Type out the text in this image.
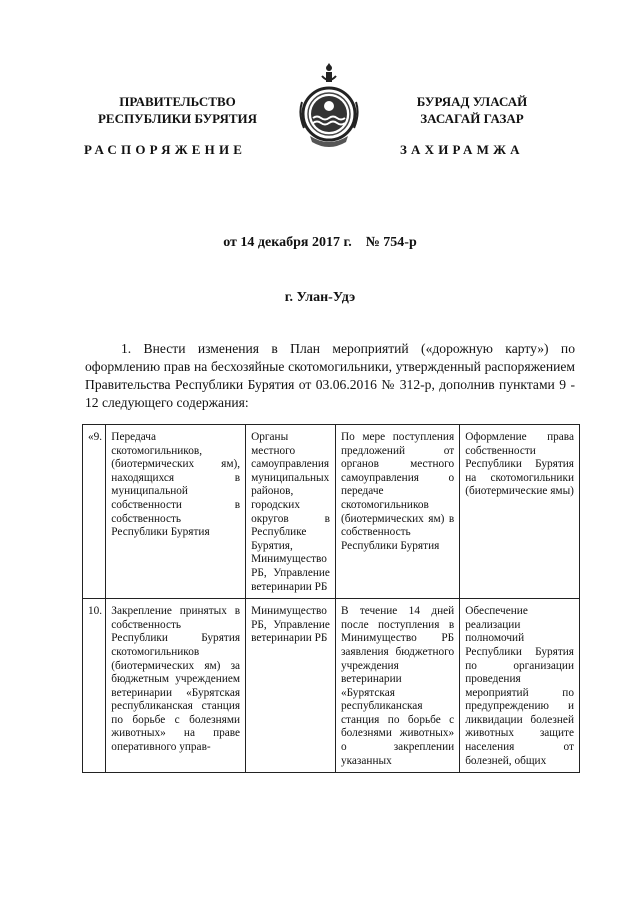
ПРАВИТЕЛЬСТВО
РЕСПУБЛИКИ БУРЯТИЯ
БУРЯАД УЛАСАЙ
ЗАСАГАЙ ГАЗАР
РАСПОРЯЖЕНИЕ	ЗАХИРАМЖА
от 14 декабря 2017 г. № 754-р
г. Улан-Удэ
1. Внести изменения в План мероприятий («дорожную карту») по оформлению прав на бесхозяйные скотомогильники, утвержденный распоряжением Правительства Республики Бурятия от 03.06.2016 № 312-р, дополнив пунктами 9 - 12 следующего содержания:
«9.	Передача скотомогильников, (биотермических ям), находящихся в муниципальной собственности в собственность Республики Бурятия	Органы местного самоуправления муниципальных районов, городских округов в Республике Бурятия, Минимущество РБ, Управление ветеринарии РБ	По мере поступления предложений от органов местного самоуправления о передаче скотомогильников (биотермических ям) в собственность Республики Бурятия	Оформление права собственности Республики Бурятия на скотомогильники (биотермические ямы)
10.	Закрепление принятых в собственность Республики Бурятия скотомогильников (биотермических ям) за бюджетным учреждением ветеринарии «Бурятская республиканская станция по борьбе с болезнями животных» на праве оперативного управ-	Минимущество РБ, Управление ветеринарии РБ	В течение 14 дней после поступления в Минимущество РБ заявления бюджетного учреждения ветеринарии «Бурятская республиканская станция по борьбе с болезнями животных» о закреплении указанных	Обеспечение реализации полномочий Республики Бурятия по организации проведения мероприятий по предупреждению и ликвидации болезней животных защите населения от болезней, общих
